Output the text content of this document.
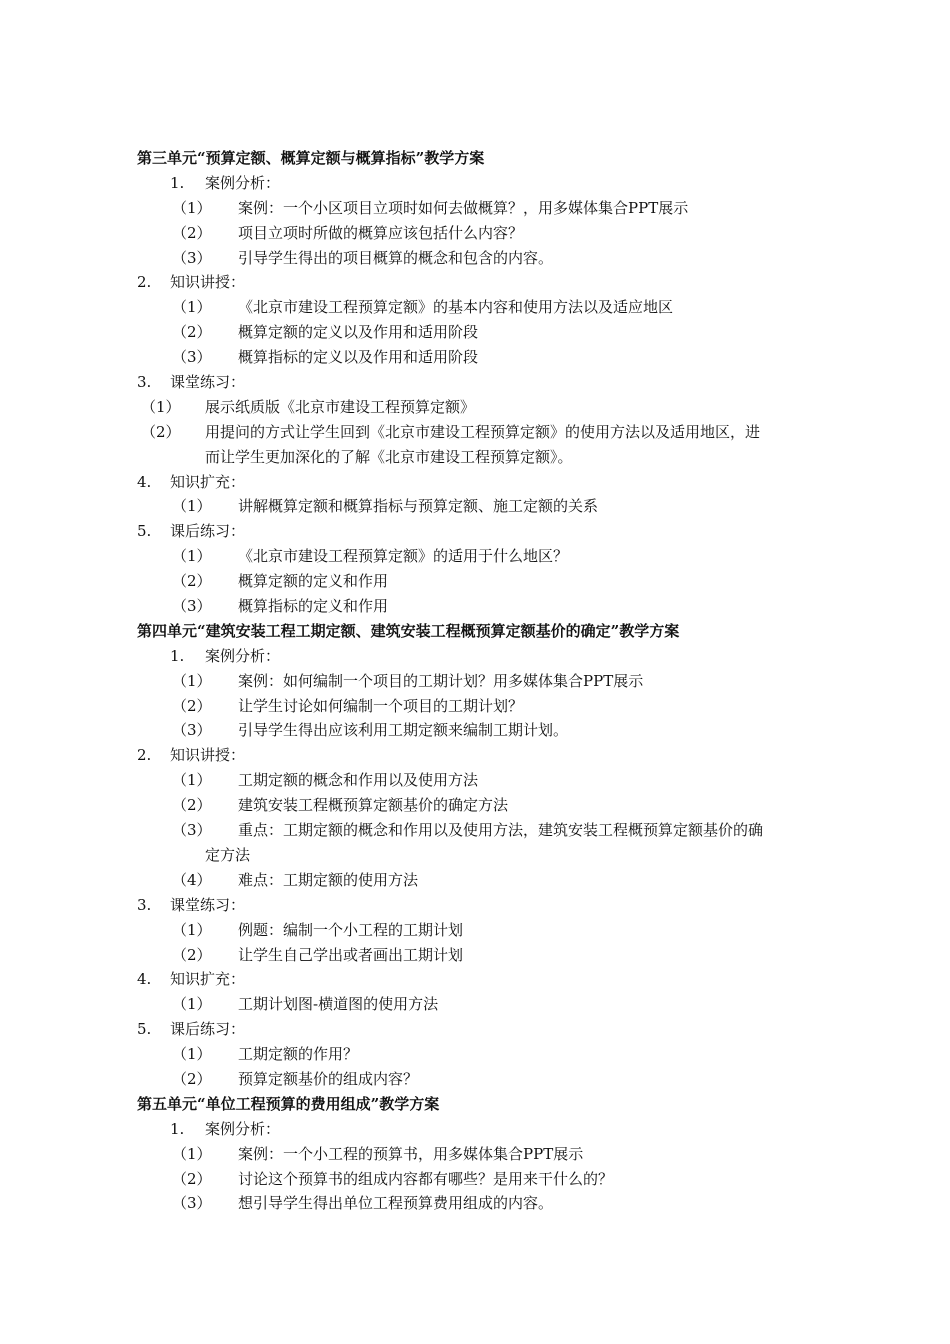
第三单元“预算定额、概算定额与概算指标”教学方案
1. 案例分析：
（1） 案例：一个小区项目立项时如何去做概算？，用多媒体集合PPT展示
（2） 项目立项时所做的概算应该包括什么内容？
（3） 引导学生得出的项目概算的概念和包含的内容。
2. 知识讲授：
（1） 《北京市建设工程预算定额》的基本内容和使用方法以及适应地区
（2） 概算定额的定义以及作用和适用阶段
（3） 概算指标的定义以及作用和适用阶段
3. 课堂练习：
（1） 展示纸质版《北京市建设工程预算定额》
（2） 用提问的方式让学生回到《北京市建设工程预算定额》的使用方法以及适用地区，进
而让学生更加深化的了解《北京市建设工程预算定额》。
4. 知识扩充：
（1） 讲解概算定额和概算指标与预算定额、施工定额的关系
5. 课后练习：
（1） 《北京市建设工程预算定额》的适用于什么地区？
（2） 概算定额的定义和作用
（3） 概算指标的定义和作用
第四单元“建筑安装工程工期定额、建筑安装工程概预算定额基价的确定”教学方案
1. 案例分析：
（1） 案例：如何编制一个项目的工期计划？用多媒体集合PPT展示
（2） 让学生讨论如何编制一个项目的工期计划？
（3） 引导学生得出应该利用工期定额来编制工期计划。
2. 知识讲授：
（1） 工期定额的概念和作用以及使用方法
（2） 建筑安装工程概预算定额基价的确定方法
（3） 重点：工期定额的概念和作用以及使用方法，建筑安装工程概预算定额基价的确
定方法
（4） 难点：工期定额的使用方法
3. 课堂练习：
（1） 例题：编制一个小工程的工期计划
（2） 让学生自己学出或者画出工期计划
4. 知识扩充：
（1） 工期计划图-横道图的使用方法
5. 课后练习：
（1） 工期定额的作用？
（2） 预算定额基价的组成内容？
第五单元“单位工程预算的费用组成”教学方案
1. 案例分析：
（1） 案例：一个小工程的预算书，用多媒体集合PPT展示
（2） 讨论这个预算书的组成内容都有哪些？是用来干什么的？
（3） 想引导学生得出单位工程预算费用组成的内容。
